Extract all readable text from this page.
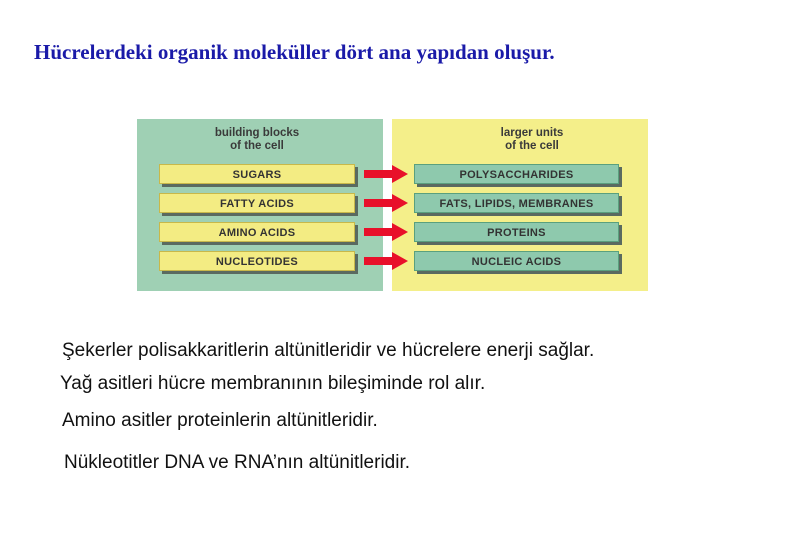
Hücrelerdeki organik moleküller dört ana yapıdan oluşur.
building blocks
of the cell
SUGARS
FATTY ACIDS
AMINO ACIDS
NUCLEOTIDES
larger units
of the cell
POLYSACCHARIDES
FATS, LIPIDS, MEMBRANES
PROTEINS
NUCLEIC ACIDS

Şekerler polisakkaritlerin altünitleridir ve hücrelere enerji sağlar.

Yağ asitleri hücre membranının bileşiminde rol alır.

Amino asitler proteinlerin altünitleridir.

Nükleotitler DNA ve RNA’nın altünitleridir.
